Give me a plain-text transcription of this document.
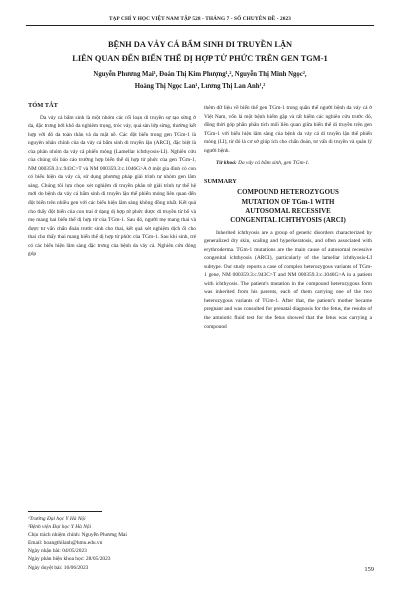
TẠP CHÍ Y HỌC VIỆT NAM TẬP 528 - THÁNG 7 - SỐ CHUYÊN ĐỀ - 2023
BỆNH DA VẢY CÁ BẨM SINH DI TRUYỀN LẶN
LIÊN QUAN ĐẾN BIẾN THỂ DỊ HỢP TỬ PHỨC TRÊN GEN TGM-1
Nguyễn Phương Mai¹, Đoàn Thị Kim Phượng¹,², Nguyễn Thị Minh Ngọc²,
Hoàng Thị Ngọc Lan¹, Lương Thị Lan Anh¹,²

TÓM TẮT

Da vảy cá bẩm sinh là một nhóm các rối loạn di truyền sự tạo sừng ở da, đặc trưng bởi khô da nghiêm trọng, tróc vảy, quá sản lớp sừng, thường kết hợp với đỏ da toàn thân và da mặt nề. Các đột biến trong gen TGm-1 là nguyên nhân chính của da vảy cá bẩm sinh di truyền lặn (ARCI), đặc biệt là của phân nhóm da vảy cá phiến mỏng (Lamellar ichthyosis-LI). Nghiên cứu của chúng tôi báo cáo trường hợp biến thể dị hợp tử phức của gen TGm-1, NM 000359.3:c.943C>T và NM 000359.3:c.1046G>A ở một gia đình có con có biểu hiện da vảy cá, sử dụng phương pháp giải trình tự nhóm gen lâm sàng. Chúng tôi lựa chọn xét nghiệm di truyền phân tử giải trình tự thế hệ mới do bệnh da vảy cá bẩm sinh di truyền lặn thể phiến mỏng liên quan đến đột biến trên nhiều gen với các biểu hiện lâm sàng không đồng nhất. Kết quả cho thấy đột biến của con trai ở dạng dị hợp tử phức được di truyền từ bố và mẹ mang hai biến thể dị hợp tử của TGm-1. Sau đó, người mẹ mang thai và được tư vấn chẩn đoán trước sinh cho thai, kết quả xét nghiệm dịch ối cho thai cho thấy thai mang biến thể dị hợp tử phức của TGm-1. Sau khi sinh, trẻ có các biểu hiện lâm sàng đặc trưng của bệnh da vảy cá. Nghiên cứu đóng góp

thêm dữ liệu về biến thể gen TGm-1 trong quần thể người bệnh da vảy cá ở Việt Nam, vốn là một bệnh hiếm gặp và rất hiếm các nghiên cứu trước đó, đồng thời góp phần phân tích mối liên quan giữa biến thể di truyền trên gen TGm-1 với biểu hiện lâm sàng của bệnh da vảy cá di truyền lặn thể phiến mỏng (LI), từ đó là cơ sở giúp ích cho chẩn đoán, tư vấn di truyền và quản lý người bệnh.

Từ khoá: Da vảy cá bẩm sinh, gen TGm-1.

SUMMARY

COMPOUND HETEROZYGOUS
MUTATION OF TGm-1 WITH
AUTOSOMAL RECESSIVE
CONGENITAL ICHTHYOSIS (ARCI)

Inherited ichthyosis are a group of genetic disorders characterized by generalized dry skin, scaling and hyperkeratosis, and often associated with erythroderma. TGm-1 mutations are the main cause of autosomal recessive congenital ichthyosis (ARCI), particularly of the lamellar ichthyosis-LI subtype. Our study reports a case of complex heterozygous variants of TGm-1 gene, NM 000359.3:c.943C>T and NM 000359.3:c.1046G>A in a patient with ichthyosis. The patient's mutation in the compound heterozygous form was inherited from his parents, each of them carrying one of the two heterozygous variants of TGm-1. After that, the patient's mother became pregnant and was consulted for prenatal diagnosis for the fetus, the results of the amniotic fluid test for the fetus showed that the fetus was carrying a compound

¹Trường Đại học Y Hà Nội
²Bệnh viện Đại học Y Hà Nội
Chịu trách nhiệm chính: Nguyễn Phương Mai
Email: hoangthilanh@hmu.edu.vn
Ngày nhận bài: 04/05/2023
Ngày phản biện khoa học: 28/05/2023
Ngày duyệt bài: 16/06/2023	159
